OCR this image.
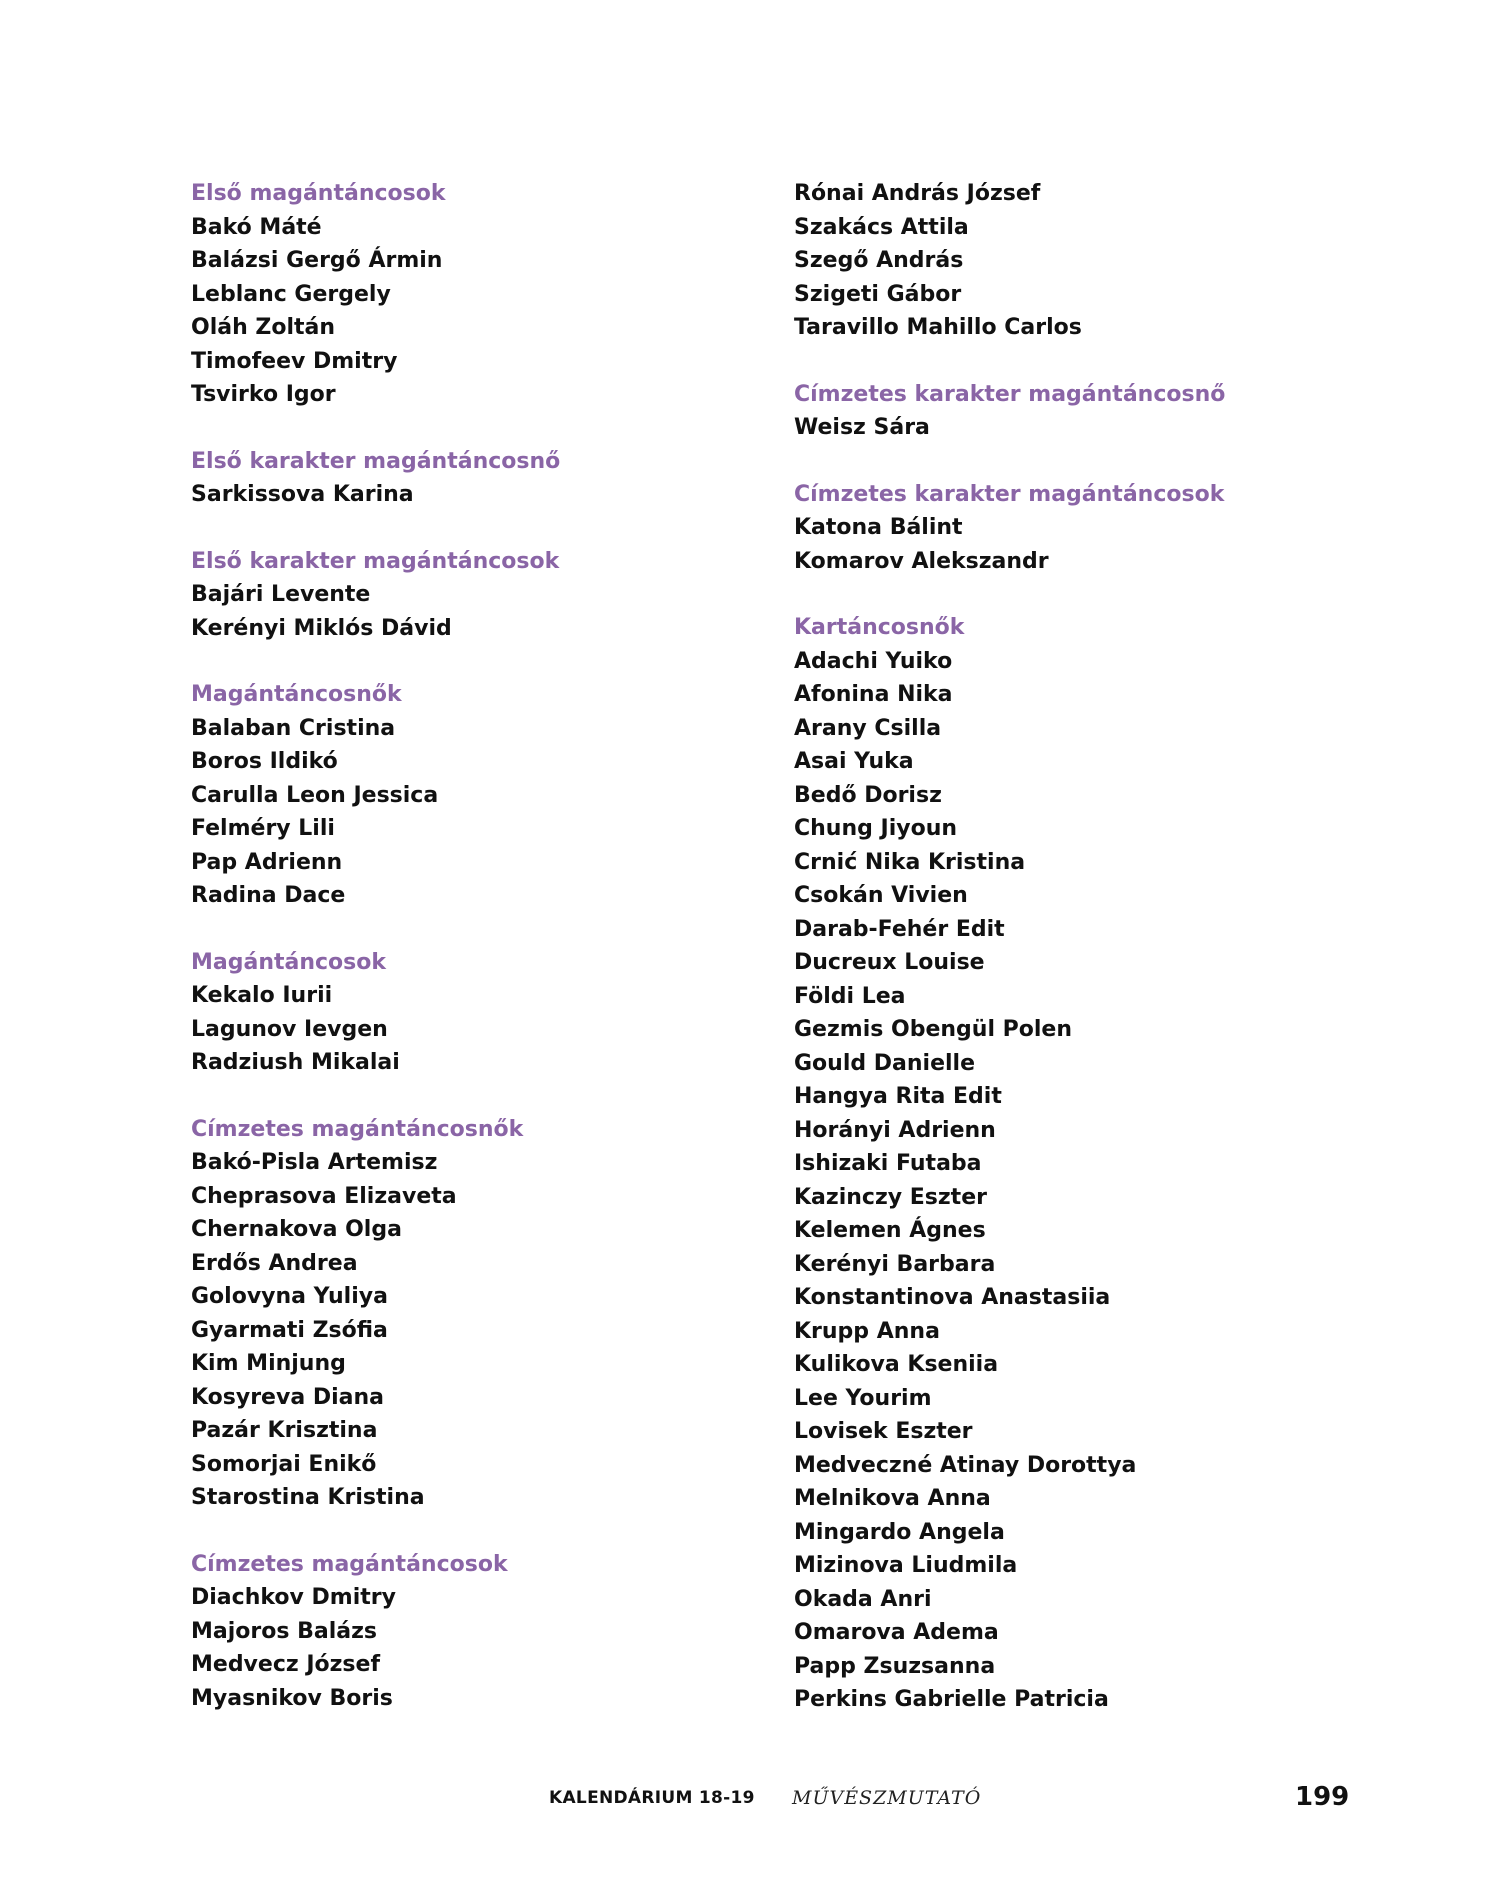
Első magántáncosok
Bakó Máté
Balázsi Gergő Ármin
Leblanc Gergely
Oláh Zoltán
Timofeev Dmitry
Tsvirko Igor
Első karakter magántáncosnő
Sarkissova Karina
Első karakter magántáncosok
Bajári Levente
Kerényi Miklós Dávid
Magántáncosnők
Balaban Cristina
Boros Ildikó
Carulla Leon Jessica
Felméry Lili
Pap Adrienn
Radina Dace
Magántáncosok
Kekalo Iurii
Lagunov Ievgen
Radziush Mikalai
Címzetes magántáncosnők
Bakó-Pisla Artemisz
Cheprasova Elizaveta
Chernakova Olga
Erdős Andrea
Golovyna Yuliya
Gyarmati Zsófia
Kim Minjung
Kosyreva Diana
Pazár Krisztina
Somorjai Enikő
Starostina Kristina
Címzetes magántáncosok
Diachkov Dmitry
Majoros Balázs
Medvecz József
Myasnikov Boris
Rónai András József
Szakács Attila
Szegő András
Szigeti Gábor
Taravillo Mahillo Carlos
Címzetes karakter magántáncosnő
Weisz Sára
Címzetes karakter magántáncosok
Katona Bálint
Komarov Alekszandr
Kartáncosnők
Adachi Yuiko
Afonina Nika
Arany Csilla
Asai Yuka
Bedő Dorisz
Chung Jiyoun
Crnić Nika Kristina
Csokán Vivien
Darab-Fehér Edit
Ducreux Louise
Földi Lea
Gezmis Obengül Polen
Gould Danielle
Hangya Rita Edit
Horányi Adrienn
Ishizaki Futaba
Kazinczy Eszter
Kelemen Ágnes
Kerényi Barbara
Konstantinova Anastasiia
Krupp Anna
Kulikova Kseniia
Lee Yourim
Lovisek Eszter
Medveczné Atinay Dorottya
Melnikova Anna
Mingardo Angela
Mizinova Liudmila
Okada Anri
Omarova Adema
Papp Zsuzsanna
Perkins Gabrielle Patricia
KALENDÁRIUM 18-19 MŰVÉSZMUTATÓ	199
